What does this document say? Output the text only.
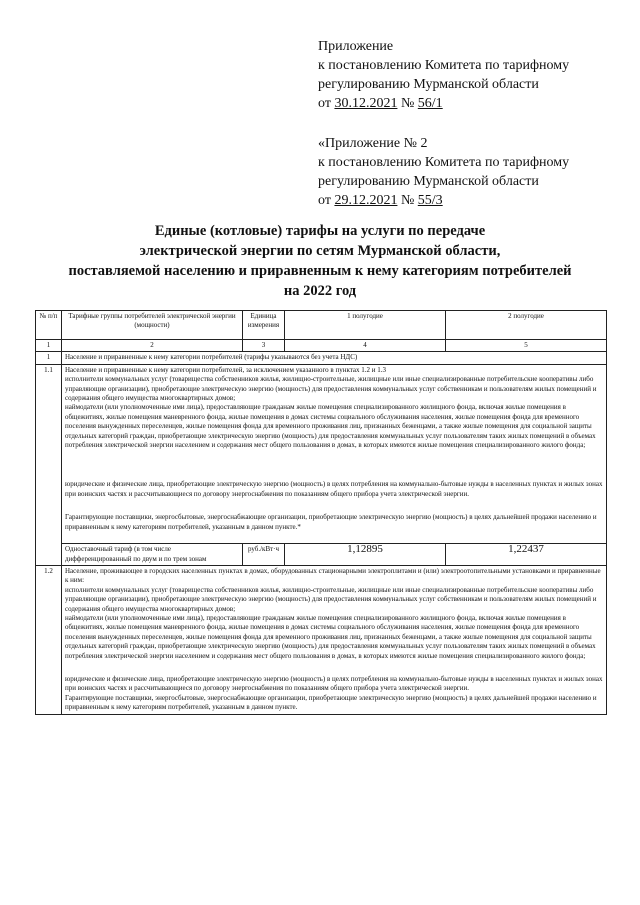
Приложение
к постановлению Комитета по тарифному
регулированию Мурманской области
от 30.12.2021 № 56/1
«Приложение № 2
к постановлению Комитета по тарифному
регулированию Мурманской области
от 29.12.2021 № 55/3
Единые (котловые) тарифы на услуги по передаче
электрической энергии по сетям Мурманской области,
поставляемой населению и приравненным к нему категориям потребителей
на 2022 год
№ п/п	Тарифные группы потребителей электрической энергии (мощности)	Единица измерения	1 полугодие	2 полугодие
1	2	3	4	5
1	Население и приравненные к нему категории потребителей (тарифы указываются без учета НДС)			
1.1	Население и приравненные к нему категории потребителей, за исключением указанного в пунктах 1.2 и 1.3

исполнители коммунальных услуг (товарищества собственников жилья, жилищно-строительные, жилищные или иные специализированные потребительские кооперативы либо управляющие организации), приобретающие электрическую энергию (мощность) для предоставления коммунальных услуг собственникам и пользователям жилых помещений и содержания общего имущества многоквартирных домов;

наймодатели (или уполномоченные ими лица), предоставляющие гражданам жилые помещения специализированного жилищного фонда, включая жилые помещения в общежитиях, жилые помещения маневренного фонда, жилые помещения в домах системы социального обслуживания населения, жилые помещения фонда для временного поселения вынужденных переселенцев, жилые помещения фонда для временного проживания лиц, признанных беженцами, а также жилые помещения для социальной защиты отдельных категорий граждан, приобретающие электрическую энергию (мощность) для предоставления коммунальных услуг пользователям таких жилых помещений в объемах потребления электрической энергии населением и содержания мест общего пользования в домах, в которых имеются жилые помещения специализированного жилого фонда;

юридические и физические лица, приобретающие электрическую энергию (мощность) в целях потребления на коммунально-бытовые нужды в населенных пунктах и жилых зонах при воинских частях и рассчитывающиеся по договору энергоснабжения по показаниям общего прибора учета электрической энергии.

Гарантирующие поставщики, энергосбытовые, энергоснабжающие организации, приобретающие электрическую энергию (мощность) в целях дальнейшей продажи населению и приравненным к нему категориям потребителей, указанным в данном пункте.*			

	Одноставочный тариф (в том числе дифференцированный по двум и по трем зонам	руб./кВт·ч	1,12895	1,22437
1.2	Население, проживающее в городских населенных пунктах в домах, оборудованных стационарными электроплитами и (или) электроотопительными установками и приравненные к ним:

исполнители коммунальных услуг (товарищества собственников жилья, жилищно-строительные, жилищные или иные специализированные потребительские кооперативы либо управляющие организации), приобретающие электрическую энергию (мощность) для предоставления коммунальных услуг собственникам и пользователям жилых помещений и содержания общего имущества многоквартирных домов;

наймодатели (или уполномоченные ими лица), предоставляющие гражданам жилые помещения специализированного жилищного фонда, включая жилые помещения в общежитиях, жилые помещения маневренного фонда, жилые помещения в домах системы социального обслуживания населения, жилые помещения фонда для временного поселения вынужденных переселенцев, жилые помещения фонда для временного проживания лиц, признанных беженцами, а также жилые помещения для социальной защиты отдельных категорий граждан, приобретающие электрическую энергию (мощность) для предоставления коммунальных услуг пользователям таких жилых помещений в объемах потребления электрической энергии населением и содержания мест общего пользования в домах, в которых имеются жилые помещения специализированного жилого фонда;

юридические и физические лица, приобретающие электрическую энергию (мощность) в целях потребления на коммунально-бытовые нужды в населенных пунктах и жилых зонах при воинских частях и рассчитывающиеся по договору энергоснабжения по показаниям общего прибора учета электрической энергии.

Гарантирующие поставщики, энергосбытовые, энергоснабжающие организации, приобретающие электрическую энергию (мощность) в целях дальнейшей продажи населению и приравненным к нему категориям потребителей, указанным в данном пункте.			
